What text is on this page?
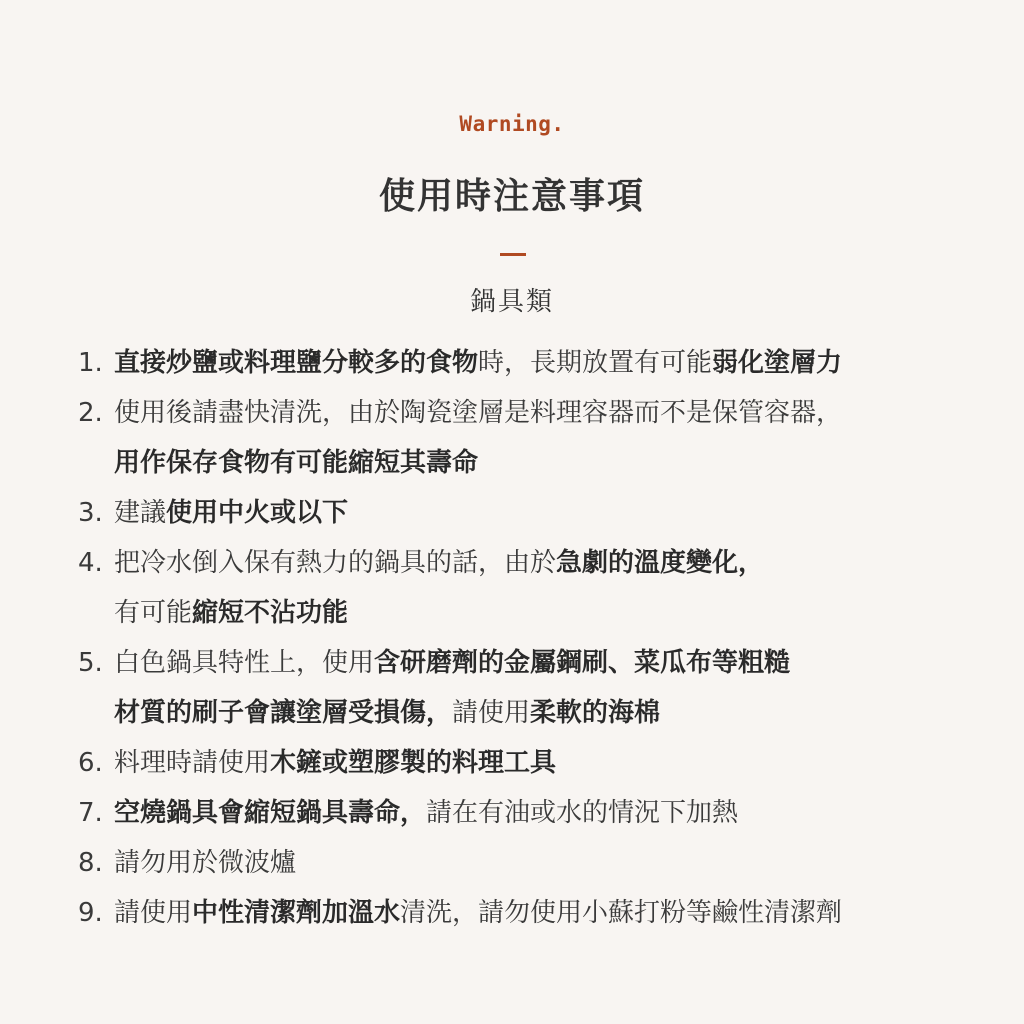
Warning.
使用時注意事項
鍋具類
1. 直接炒鹽或料理鹽分較多的食物時，長期放置有可能弱化塗層力
2. 使用後請盡快清洗，由於陶瓷塗層是料理容器而不是保管容器，
用作保存食物有可能縮短其壽命
3. 建議使用中火或以下
4. 把冷水倒入保有熱力的鍋具的話，由於急劇的溫度變化，
有可能縮短不沾功能
5. 白色鍋具特性上，使用含研磨劑的金屬鋼刷、菜瓜布等粗糙
材質的刷子會讓塗層受損傷，請使用柔軟的海棉
6. 料理時請使用木鏟或塑膠製的料理工具
7. 空燒鍋具會縮短鍋具壽命，請在有油或水的情況下加熱
8. 請勿用於微波爐
9. 請使用中性清潔劑加溫水清洗，請勿使用小蘇打粉等鹼性清潔劑
